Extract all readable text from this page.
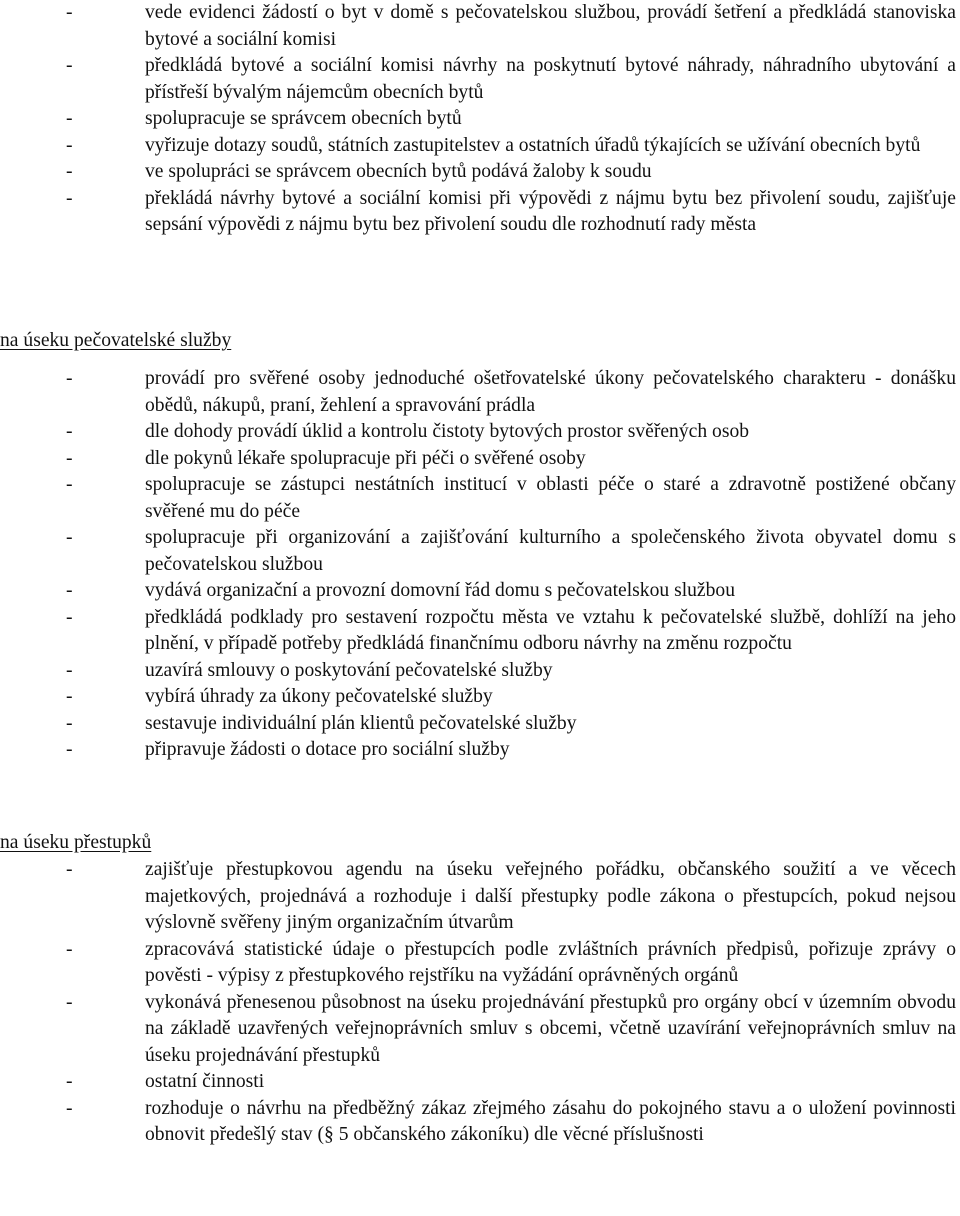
-	vede evidenci žádostí o byt v domě s pečovatelskou službou, provádí šetření a předkládá stanoviska bytové a sociální komisi
-	předkládá bytové a sociální komisi návrhy na poskytnutí bytové náhrady, náhradního ubytování a přístřeší bývalým nájemcům obecních bytů
-	spolupracuje se správcem obecních bytů
-	vyřizuje dotazy soudů, státních zastupitelstev a ostatních úřadů týkajících se užívání obecních bytů
-	ve spolupráci se správcem obecních bytů podává žaloby k soudu
-	překládá návrhy bytové a sociální komisi při výpovědi z nájmu bytu bez přivolení soudu, zajišťuje sepsání výpovědi z nájmu bytu bez přivolení soudu dle rozhodnutí rady města
na úseku pečovatelské služby
-	provádí pro svěřené osoby jednoduché ošetřovatelské úkony pečovatelského charakteru - donášku obědů, nákupů, praní, žehlení a spravování prádla
-	dle dohody provádí úklid a kontrolu čistoty bytových prostor svěřených osob
-	dle pokynů lékaře spolupracuje při péči o svěřené osoby
-	spolupracuje se zástupci nestátních institucí v oblasti péče o staré a zdravotně postižené občany svěřené mu do péče
-	spolupracuje při organizování a zajišťování kulturního a společenského života obyvatel domu s pečovatelskou službou
-	vydává organizační a provozní domovní řád domu s pečovatelskou službou
-	předkládá podklady pro sestavení rozpočtu města ve vztahu k pečovatelské službě, dohlíží na jeho plnění, v případě potřeby předkládá finančnímu odboru návrhy na změnu rozpočtu
-	uzavírá smlouvy o poskytování pečovatelské služby
-	vybírá úhrady za úkony pečovatelské služby
-	sestavuje individuální plán klientů pečovatelské služby
-	připravuje žádosti o dotace pro sociální služby
na úseku přestupků
-	zajišťuje přestupkovou agendu na úseku veřejného pořádku, občanského soužití a ve věcech majetkových, projednává a rozhoduje i další přestupky podle zákona o přestupcích, pokud nejsou výslovně svěřeny jiným organizačním útvarům
-	zpracovává statistické údaje o přestupcích podle zvláštních právních předpisů, pořizuje zprávy o pověsti - výpisy z přestupkového rejstříku na vyžádání oprávněných orgánů
-	vykonává přenesenou působnost na úseku projednávání přestupků pro orgány obcí v územním obvodu na základě uzavřených veřejnoprávních smluv s obcemi, včetně uzavírání veřejnoprávních smluv na úseku projednávání přestupků
-	ostatní činnosti
-	rozhoduje o návrhu na předběžný zákaz zřejmého zásahu do pokojného stavu a o uložení povinnosti obnovit předešlý stav (§ 5 občanského zákoníku) dle věcné příslušnosti
